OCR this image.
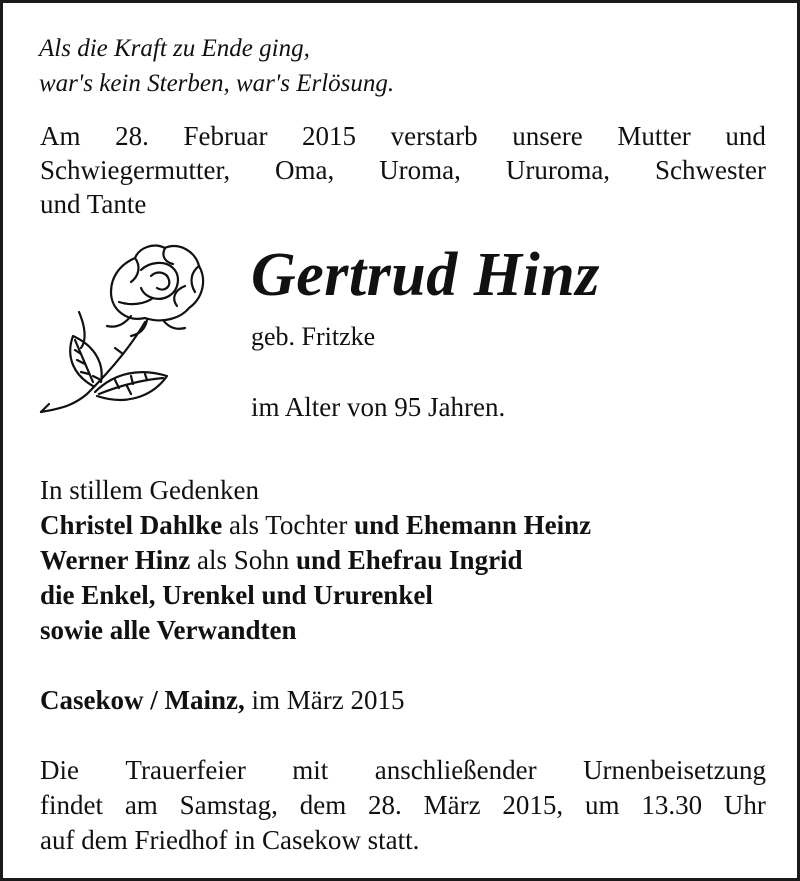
Als die Kraft zu Ende ging,
war's kein Sterben, war's Erlösung.
Am 28. Februar 2015 verstarb unsere Mutter und
Schwiegermutter, Oma, Uroma, Ururoma, Schwester
und Tante
Gertrud Hinz
geb. Fritzke
im Alter von 95 Jahren.
In stillem Gedenken
Christel Dahlke als Tochter und Ehemann Heinz
Werner Hinz als Sohn und Ehefrau Ingrid
die Enkel, Urenkel und Ururenkel
sowie alle Verwandten
Casekow / Mainz, im März 2015
Die Trauerfeier mit anschließender Urnenbeisetzung
findet am Samstag, dem 28. März 2015, um 13.30 Uhr
auf dem Friedhof in Casekow statt.
